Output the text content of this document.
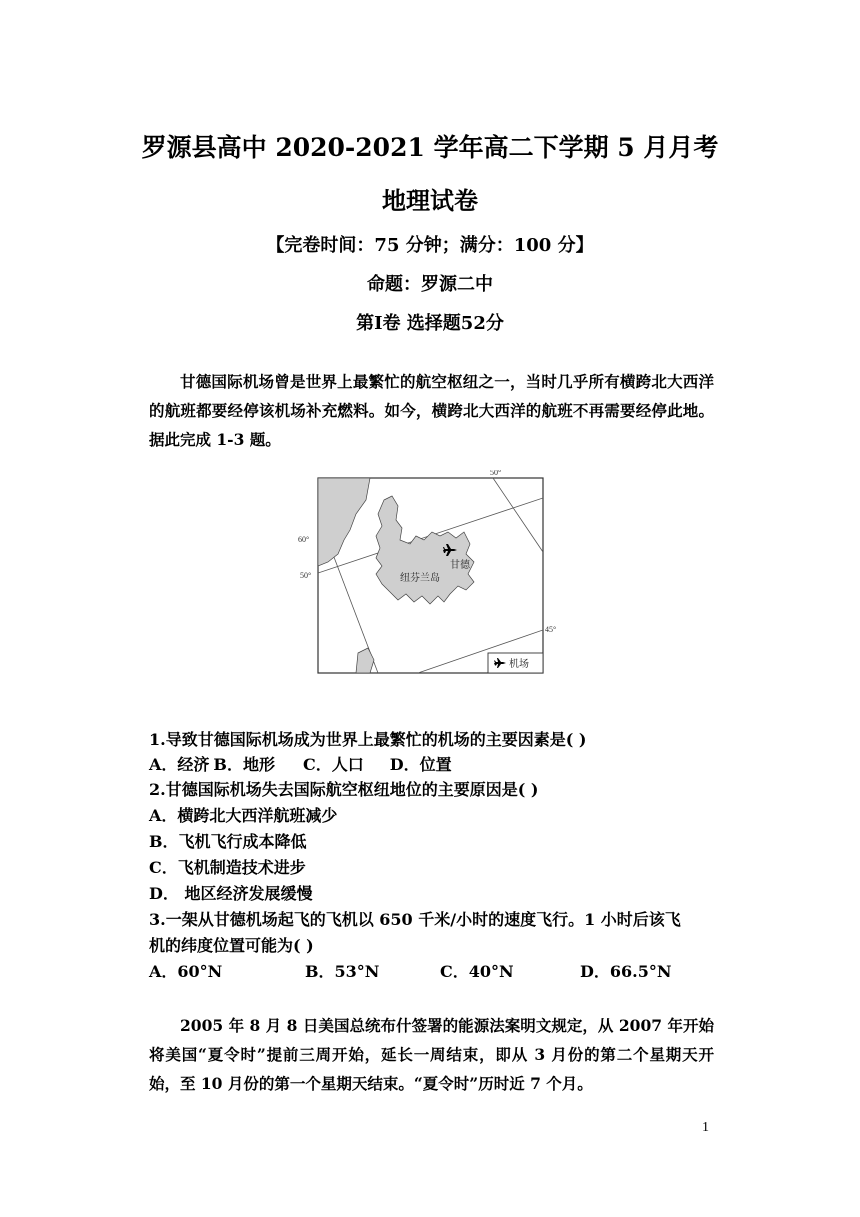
罗源县高中 2020-2021 学年高二下学期 5 月月考
地理试卷
【完卷时间：75 分钟；满分：100 分】
命题：罗源二中
第Ⅰ卷 选择题52分
甘德国际机场曾是世界上最繁忙的航空枢纽之一，当时几乎所有横跨北大西洋的航班都要经停该机场补充燃料。如今，横跨北大西洋的航班不再需要经停此地。据此完成 1-3 题。
60°
50°
50°
45°
甘德
纽芬兰岛
机场
1.导致甘德国际机场成为世界上最繁忙的机场的主要因素是( )
A．经济 B．地形 C．人口 D．位置
2.甘德国际机场失去国际航空枢纽地位的主要原因是( )
A．横跨北大西洋航班减少
B．飞机飞行成本降低
C．飞机制造技术进步
D． 地区经济发展缓慢
3.一架从甘德机场起飞的飞机以 650 千米/小时的速度飞行。1 小时后该飞
机的纬度位置可能为( )
A．60°N	B．53°N	C．40°N	D．66.5°N
2005 年 8 月 8 日美国总统布什签署的能源法案明文规定，从 2007 年开始将美国“夏令时”提前三周开始，延长一周结束，即从 3 月份的第二个星期天开始，至 10 月份的第一个星期天结束。“夏令时”历时近 7 个月。
1
